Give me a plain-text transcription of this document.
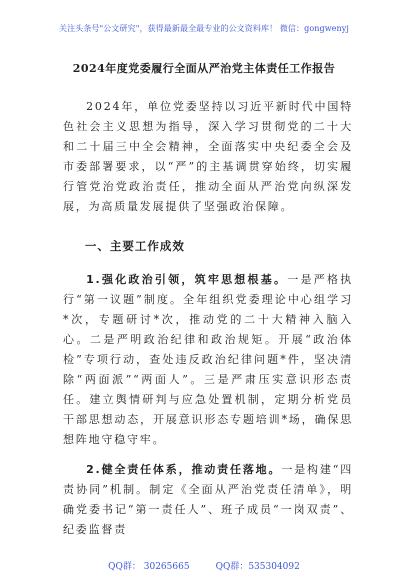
关注头条号"公文研究"，获得最新最全最专业的公文资料库！ 微信：gongwenyj
2024年度党委履行全面从严治党主体责任工作报告

2024年，单位党委坚持以习近平新时代中国特色社会主义思想为指导，深入学习贯彻党的二十大和二十届三中全会精神，全面落实中央纪委全会及市委部署要求，以“严”的主基调贯穿始终，切实履行管党治党政治责任，推动全面从严治党向纵深发展，为高质量发展提供了坚强政治保障。

一、主要工作成效

1.强化政治引领，筑牢思想根基。一是严格执行“第一议题”制度。全年组织党委理论中心组学习*次，专题研讨*次，推动党的二十大精神入脑入心。二是严明政治纪律和政治规矩。开展“政治体检”专项行动，查处违反政治纪律问题*件，坚决清除“两面派”“两面人”。三是严肃压实意识形态责任。建立舆情研判与应急处置机制，定期分析党员干部思想动态，开展意识形态专题培训*场，确保思想阵地守稳守牢。

2.健全责任体系，推动责任落地。一是构建“四责协同”机制。制定《全面从严治党责任清单》，明确党委书记“第一责任人”、班子成员“一岗双责”、纪委监督责

QQ群： 30265665	QQ群：535304092
